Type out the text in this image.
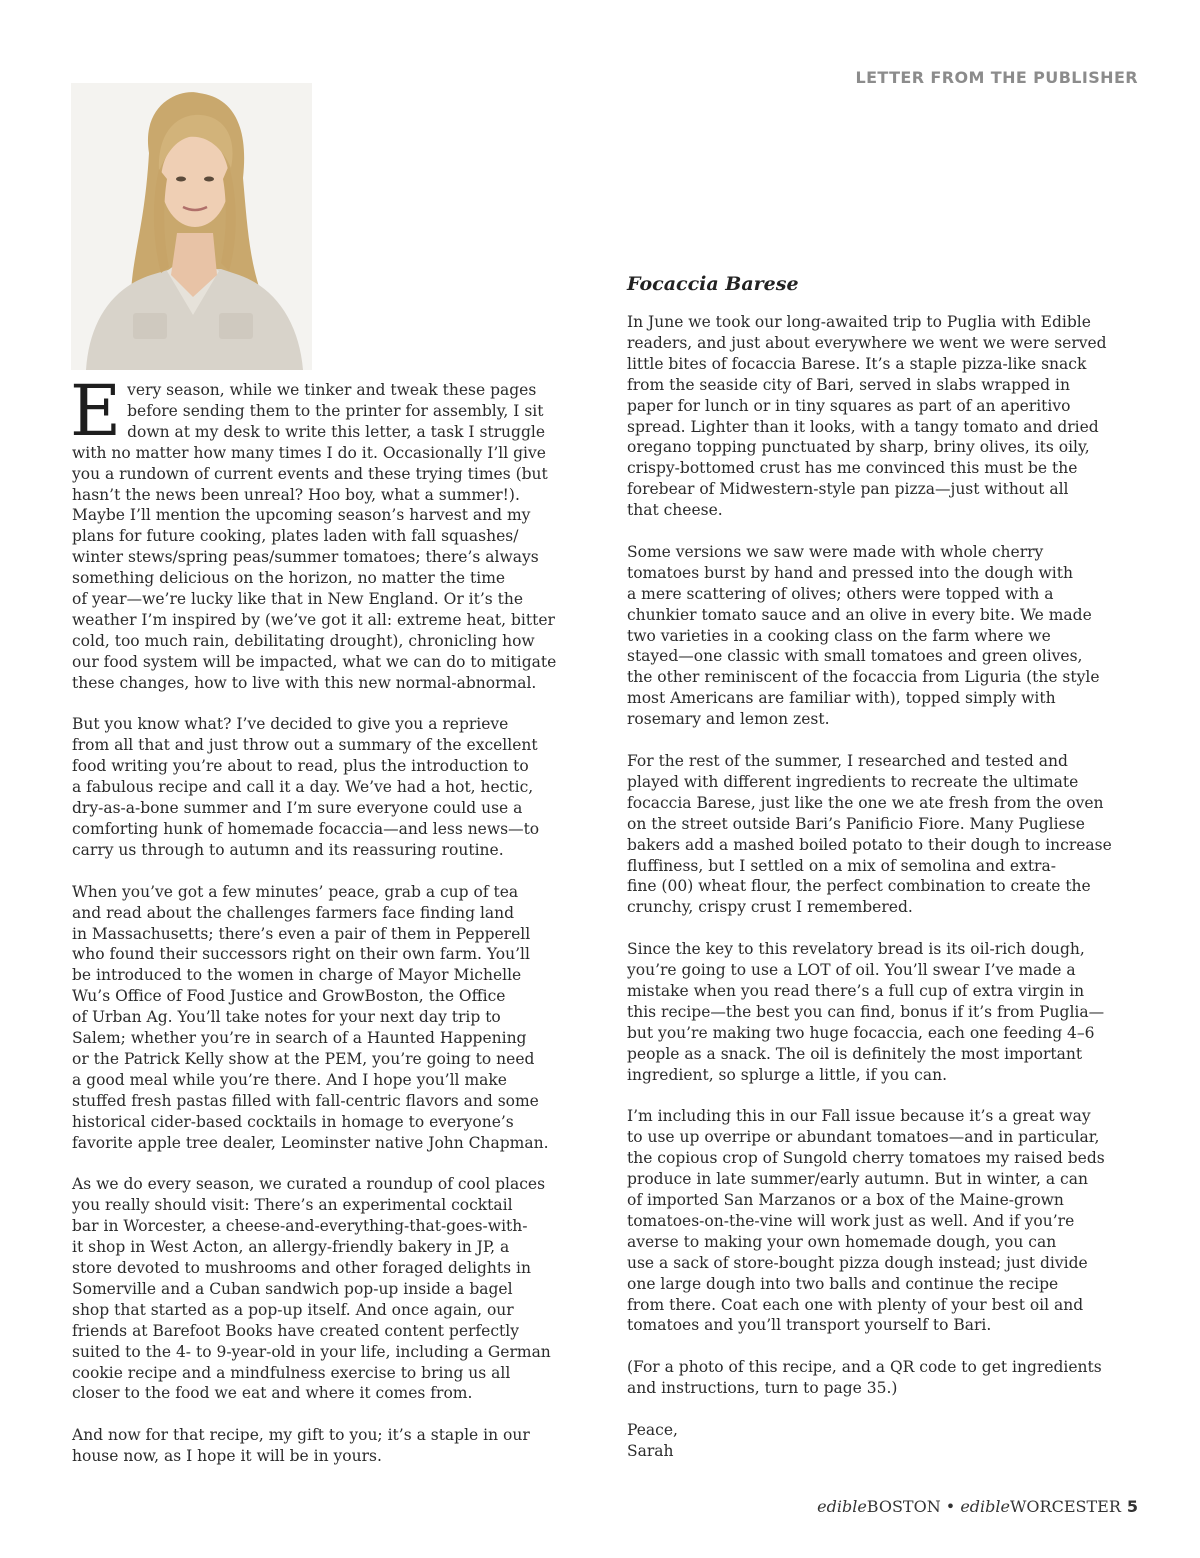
LETTER FROM THE PUBLISHER
E very season, while we tinker and tweak these pages
before sending them to the printer for assembly, I sit
down at my desk to write this letter, a task I struggle
with no matter how many times I do it. Occasionally I’ll give
you a rundown of current events and these trying times (but
hasn’t the news been unreal? Hoo boy, what a summer!).
Maybe I’ll mention the upcoming season’s harvest and my
plans for future cooking, plates laden with fall squashes/
winter stews/spring peas/summer tomatoes; there’s always
something delicious on the horizon, no matter the time
of year—we’re lucky like that in New England. Or it’s the
weather I’m inspired by (we’ve got it all: extreme heat, bitter
cold, too much rain, debilitating drought), chronicling how
our food system will be impacted, what we can do to mitigate
these changes, how to live with this new normal-abnormal.

But you know what? I’ve decided to give you a reprieve
from all that and just throw out a summary of the excellent
food writing you’re about to read, plus the introduction to
a fabulous recipe and call it a day. We’ve had a hot, hectic,
dry-as-a-bone summer and I’m sure everyone could use a
comforting hunk of homemade focaccia—and less news—to
carry us through to autumn and its reassuring routine.

When you’ve got a few minutes’ peace, grab a cup of tea
and read about the challenges farmers face finding land
in Massachusetts; there’s even a pair of them in Pepperell
who found their successors right on their own farm. You’ll
be introduced to the women in charge of Mayor Michelle
Wu’s Office of Food Justice and GrowBoston, the Office
of Urban Ag. You’ll take notes for your next day trip to
Salem; whether you’re in search of a Haunted Happening
or the Patrick Kelly show at the PEM, you’re going to need
a good meal while you’re there. And I hope you’ll make
stuffed fresh pastas filled with fall-centric flavors and some
historical cider-based cocktails in homage to everyone’s
favorite apple tree dealer, Leominster native John Chapman.

As we do every season, we curated a roundup of cool places
you really should visit: There’s an experimental cocktail
bar in Worcester, a cheese-and-everything-that-goes-with-
it shop in West Acton, an allergy-friendly bakery in JP, a
store devoted to mushrooms and other foraged delights in
Somerville and a Cuban sandwich pop-up inside a bagel
shop that started as a pop-up itself. And once again, our
friends at Barefoot Books have created content perfectly
suited to the 4- to 9-year-old in your life, including a German
cookie recipe and a mindfulness exercise to bring us all
closer to the food we eat and where it comes from.

And now for that recipe, my gift to you; it’s a staple in our
house now, as I hope it will be in yours.

Focaccia Barese

In June we took our long-awaited trip to Puglia with Edible
readers, and just about everywhere we went we were served
little bites of focaccia Barese. It’s a staple pizza-like snack
from the seaside city of Bari, served in slabs wrapped in
paper for lunch or in tiny squares as part of an aperitivo
spread. Lighter than it looks, with a tangy tomato and dried
oregano topping punctuated by sharp, briny olives, its oily,
crispy-bottomed crust has me convinced this must be the
forebear of Midwestern-style pan pizza—just without all
that cheese.

Some versions we saw were made with whole cherry
tomatoes burst by hand and pressed into the dough with
a mere scattering of olives; others were topped with a
chunkier tomato sauce and an olive in every bite. We made
two varieties in a cooking class on the farm where we
stayed—one classic with small tomatoes and green olives,
the other reminiscent of the focaccia from Liguria (the style
most Americans are familiar with), topped simply with
rosemary and lemon zest.

For the rest of the summer, I researched and tested and
played with different ingredients to recreate the ultimate
focaccia Barese, just like the one we ate fresh from the oven
on the street outside Bari’s Panificio Fiore. Many Pugliese
bakers add a mashed boiled potato to their dough to increase
fluffiness, but I settled on a mix of semolina and extra-
fine (00) wheat flour, the perfect combination to create the
crunchy, crispy crust I remembered.

Since the key to this revelatory bread is its oil-rich dough,
you’re going to use a LOT of oil. You’ll swear I’ve made a
mistake when you read there’s a full cup of extra virgin in
this recipe—the best you can find, bonus if it’s from Puglia—
but you’re making two huge focaccia, each one feeding 4–6
people as a snack. The oil is definitely the most important
ingredient, so splurge a little, if you can.

I’m including this in our Fall issue because it’s a great way
to use up overripe or abundant tomatoes—and in particular,
the copious crop of Sungold cherry tomatoes my raised beds
produce in late summer/early autumn. But in winter, a can
of imported San Marzanos or a box of the Maine-grown
tomatoes-on-the-vine will work just as well. And if you’re
averse to making your own homemade dough, you can
use a sack of store-bought pizza dough instead; just divide
one large dough into two balls and continue the recipe
from there. Coat each one with plenty of your best oil and
tomatoes and you’ll transport yourself to Bari.

(For a photo of this recipe, and a QR code to get ingredients
and instructions, turn to page 35.)

Peace,

Sarah

edibleBOSTON • edibleWORCESTER 5
